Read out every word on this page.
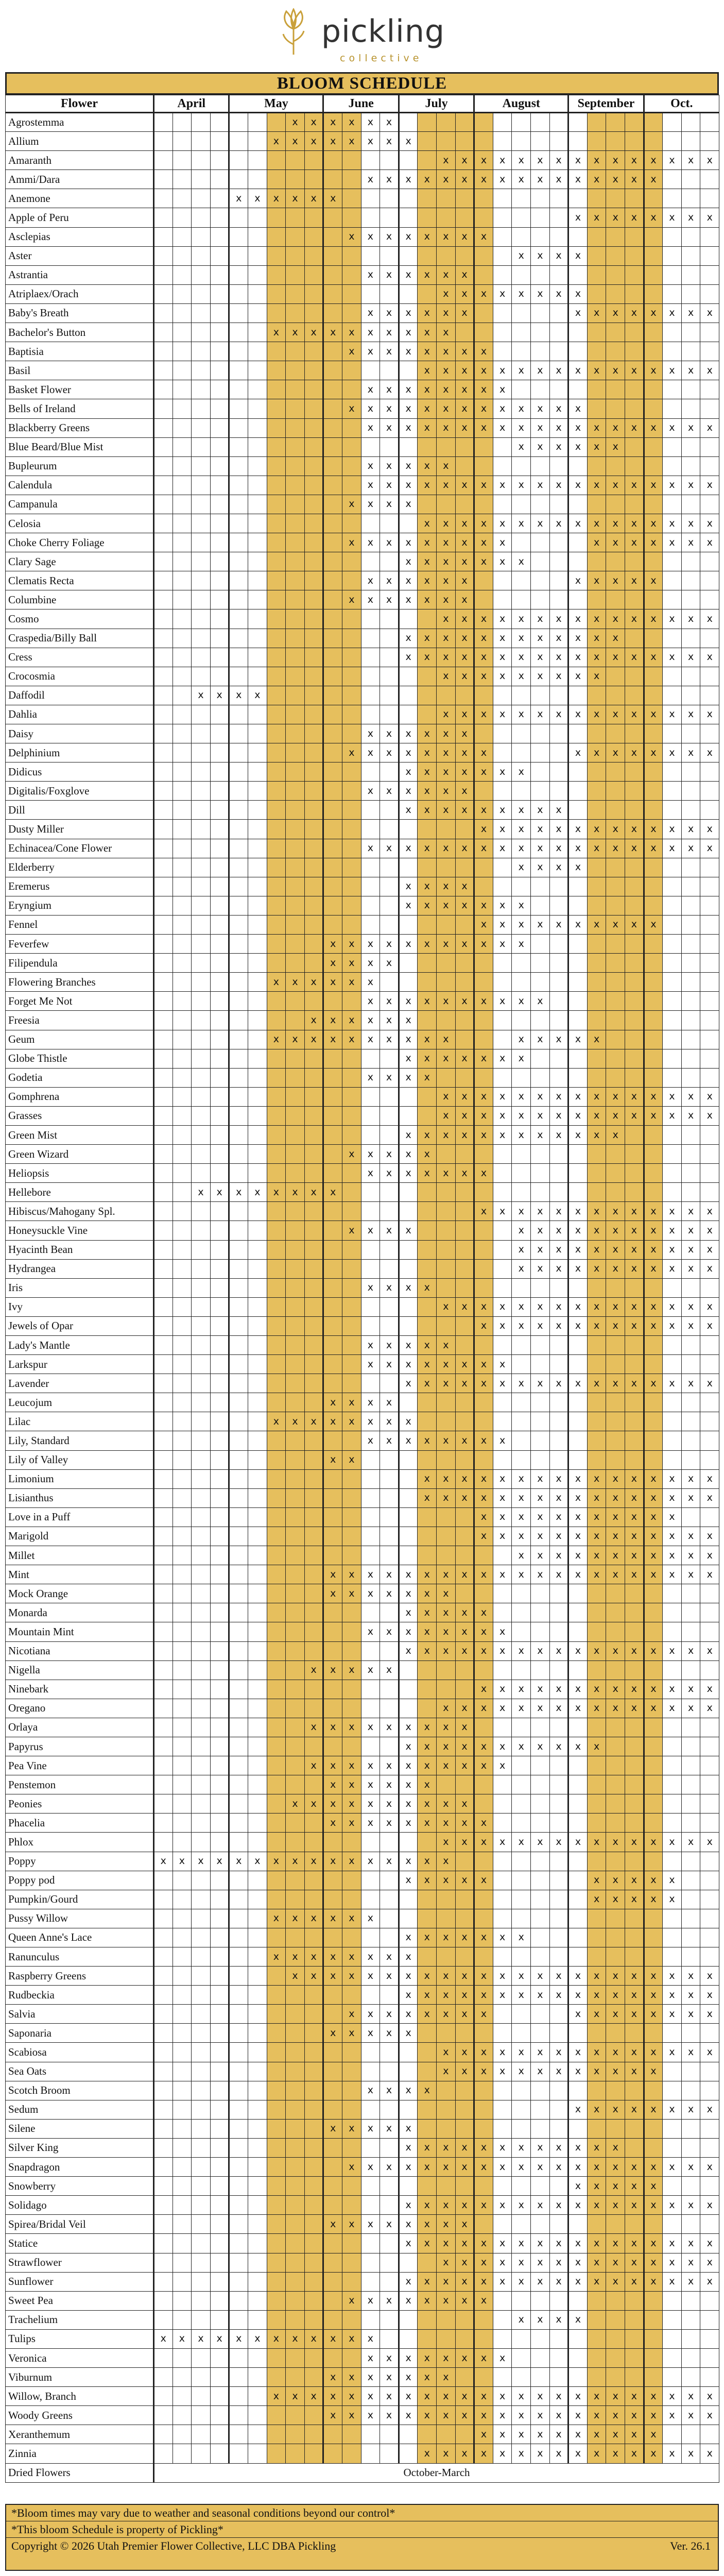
pickling
collective
BLOOM SCHEDULE
Flower	April				May					June				July				August					September				Oct.			
Agrostemma								x	x	x	x	x	x																	
Allium							x	x	x	x	x	x	x	x																
Amaranth																x	x	x	x	x	x	x	x	x	x	x	x	x	x	x
Ammi/Dara												x	x	x	x	x	x	x	x	x	x	x	x	x	x	x	x			
Anemone					x	x	x	x	x	x																				
Apple of Peru																							x	x	x	x	x	x	x	x
Asclepias											x	x	x	x	x	x	x	x												
Aster																				x	x	x	x							
Astrantia												x	x	x	x	x	x													
Atriplaex/Orach																x	x	x	x	x	x	x	x							
Baby's Breath												x	x	x	x	x	x						x	x	x	x	x	x	x	x
Bachelor's Button							x	x	x	x	x	x	x	x	x	x														
Baptisia											x	x	x	x	x	x	x	x												
Basil															x	x	x	x	x	x	x	x	x	x	x	x	x	x	x	x
Basket Flower												x	x	x	x	x	x	x	x											
Bells of Ireland											x	x	x	x	x	x	x	x	x	x	x	x	x							
Blackberry Greens												x	x	x	x	x	x	x	x	x	x	x	x	x	x	x	x	x	x	x
Blue Beard/Blue Mist																				x	x	x	x	x	x					
Bupleurum												x	x	x	x	x														
Calendula												x	x	x	x	x	x	x	x	x	x	x	x	x	x	x	x	x	x	x
Campanula											x	x	x	x																
Celosia															x	x	x	x	x	x	x	x	x	x	x	x	x	x	x	x
Choke Cherry Foliage											x	x	x	x	x	x	x	x	x					x	x	x	x	x	x	x
Clary Sage														x	x	x	x	x	x	x										
Clematis Recta												x	x	x	x	x	x						x	x	x	x	x			
Columbine											x	x	x	x	x	x	x													
Cosmo																x	x	x	x	x	x	x	x	x	x	x	x	x	x	x
Craspedia/Billy Ball														x	x	x	x	x	x	x	x	x	x	x	x					
Cress														x	x	x	x	x	x	x	x	x	x	x	x	x	x	x	x	x
Crocosmia																x	x	x	x	x	x	x	x	x						
Daffodil			x	x	x	x																								
Dahlia																x	x	x	x	x	x	x	x	x	x	x	x	x	x	x
Daisy												x	x	x	x	x	x													
Delphinium											x	x	x	x	x	x	x	x					x	x	x	x	x	x	x	x
Didicus														x	x	x	x	x	x	x										
Digitalis/Foxglove												x	x	x	x	x	x													
Dill														x	x	x	x	x	x	x	x	x								
Dusty Miller																		x	x	x	x	x	x	x	x	x	x	x	x	x
Echinacea/Cone Flower												x	x	x	x	x	x	x	x	x	x	x	x	x	x	x	x	x	x	x
Elderberry																				x	x	x	x							
Eremerus														x	x	x	x													
Eryngium														x	x	x	x	x	x	x										
Fennel																		x	x	x	x	x	x	x	x	x	x			
Feverfew										x	x	x	x	x	x	x	x	x	x	x										
Filipendula										x	x	x	x																	
Flowering Branches							x	x	x	x	x	x																		
Forget Me Not												x	x	x	x	x	x	x	x	x	x									
Freesia									x	x	x	x	x	x																
Geum							x	x	x	x	x	x	x	x	x	x				x	x	x	x	x						
Globe Thistle														x	x	x	x	x	x	x										
Godetia												x	x	x	x															
Gomphrena																x	x	x	x	x	x	x	x	x	x	x	x	x	x	x
Grasses																x	x	x	x	x	x	x	x	x	x	x	x	x	x	x
Green Mist														x	x	x	x	x	x	x	x	x	x	x	x					
Green Wizard											x	x	x	x	x															
Heliopsis												x	x	x	x	x	x	x												
Hellebore			x	x	x	x	x	x	x	x																				
Hibiscus/Mahogany Spl.																		x	x	x	x	x	x	x	x	x	x	x	x	x
Honeysuckle Vine											x	x	x	x						x	x	x	x	x	x	x	x	x	x	x
Hyacinth Bean																				x	x	x	x	x	x	x	x	x	x	x
Hydrangea																				x	x	x	x	x	x	x	x	x	x	x
Iris												x	x	x	x															
Ivy																x	x	x	x	x	x	x	x	x	x	x	x	x	x	x
Jewels of Opar																		x	x	x	x	x	x	x	x	x	x	x	x	x
Lady's Mantle												x	x	x	x	x														
Larkspur												x	x	x	x	x	x	x	x											
Lavender														x	x	x	x	x	x	x	x	x	x	x	x	x	x	x	x	x
Leucojum										x	x	x	x																	
Lilac							x	x	x	x	x	x	x	x																
Lily, Standard												x	x	x	x	x	x	x	x											
Lily of Valley										x	x																			
Limonium															x	x	x	x	x	x	x	x	x	x	x	x	x	x	x	x
Lisianthus															x	x	x	x	x	x	x	x	x	x	x	x	x	x	x	x
Love in a Puff																		x	x	x	x	x	x	x	x	x	x	x		
Marigold																		x	x	x	x	x	x	x	x	x	x	x	x	x
Millet																				x	x	x	x	x	x	x	x	x	x	x
Mint										x	x	x	x	x	x	x	x	x	x	x	x	x	x	x	x	x	x	x	x	x
Mock Orange										x	x	x	x	x	x	x														
Monarda														x	x	x	x	x												
Mountain Mint												x	x	x	x	x	x	x	x											
Nicotiana														x	x	x	x	x	x	x	x	x	x	x	x	x	x	x	x	x
Nigella									x	x	x	x	x																	
Ninebark																		x	x	x	x	x	x	x	x	x	x	x	x	x
Oregano																x	x	x	x	x	x	x	x	x	x	x	x	x	x	x
Orlaya									x	x	x	x	x	x	x	x	x													
Papyrus														x	x	x	x	x	x	x	x	x	x	x						
Pea Vine									x	x	x	x	x	x	x	x	x	x	x											
Penstemon										x	x	x	x	x	x															
Peonies								x	x	x	x	x	x	x	x	x	x													
Phacelia										x	x	x	x	x	x	x	x	x												
Phlox																x	x	x	x	x	x	x	x	x	x	x	x	x	x	x
Poppy	x	x	x	x	x	x	x	x	x	x	x	x	x	x	x	x														
Poppy pod														x	x	x	x	x						x	x	x	x	x		
Pumpkin/Gourd																								x	x	x	x	x		
Pussy Willow							x	x	x	x	x	x																		
Queen Anne's Lace														x	x	x	x	x	x	x										
Ranunculus							x	x	x	x	x	x	x	x																
Raspberry Greens								x	x	x	x	x	x	x	x	x	x	x	x	x	x	x	x	x	x	x	x	x	x	x
Rudbeckia														x	x	x	x	x	x	x	x	x	x	x	x	x	x	x	x	x
Salvia											x	x	x	x	x	x	x	x					x	x	x	x	x	x	x	x
Saponaria										x	x	x	x	x																
Scabiosa																x	x	x	x	x	x	x	x	x	x	x	x	x	x	x
Sea Oats																x	x	x	x	x	x	x	x	x	x	x	x			
Scotch Broom												x	x	x	x															
Sedum																							x	x	x	x	x	x	x	x
Silene										x	x	x	x	x																
Silver King														x	x	x	x	x	x	x	x	x	x	x	x					
Snapdragon											x	x	x	x	x	x	x	x	x	x	x	x	x	x	x	x	x	x	x	x
Snowberry																							x	x	x	x	x			
Solidago														x	x	x	x	x	x	x	x	x	x	x	x	x	x	x	x	x
Spirea/Bridal Veil										x	x	x	x	x	x	x	x													
Statice														x	x	x	x	x	x	x	x	x	x	x	x	x	x	x	x	x
Strawflower																x	x	x	x	x	x	x	x	x	x	x	x	x	x	x
Sunflower														x	x	x	x	x	x	x	x	x	x	x	x	x	x	x	x	x
Sweet Pea											x	x	x	x	x	x	x	x												
Trachelium																				x	x	x	x							
Tulips	x	x	x	x	x	x	x	x	x	x	x	x																		
Veronica												x	x	x	x	x	x	x	x											
Viburnum										x	x	x	x	x	x	x														
Willow, Branch							x	x	x	x	x	x	x	x	x	x	x	x	x	x	x	x	x	x	x	x	x	x	x	x
Woody Greens										x	x	x	x	x	x	x	x	x	x	x	x	x	x	x	x	x	x	x	x	x
Xeranthemum																		x	x	x	x	x	x	x	x	x	x			
Zinnia															x	x	x	x	x	x	x	x	x	x	x	x	x	x	x	x
Dried Flowers	October-March																													
*Bloom times may vary due to weather and seasonal conditions beyond our control*
*This bloom Schedule is property of Pickling*
Copyright © 2026 Utah Premier Flower Collective, LLC DBA Pickling	Ver. 26.1
